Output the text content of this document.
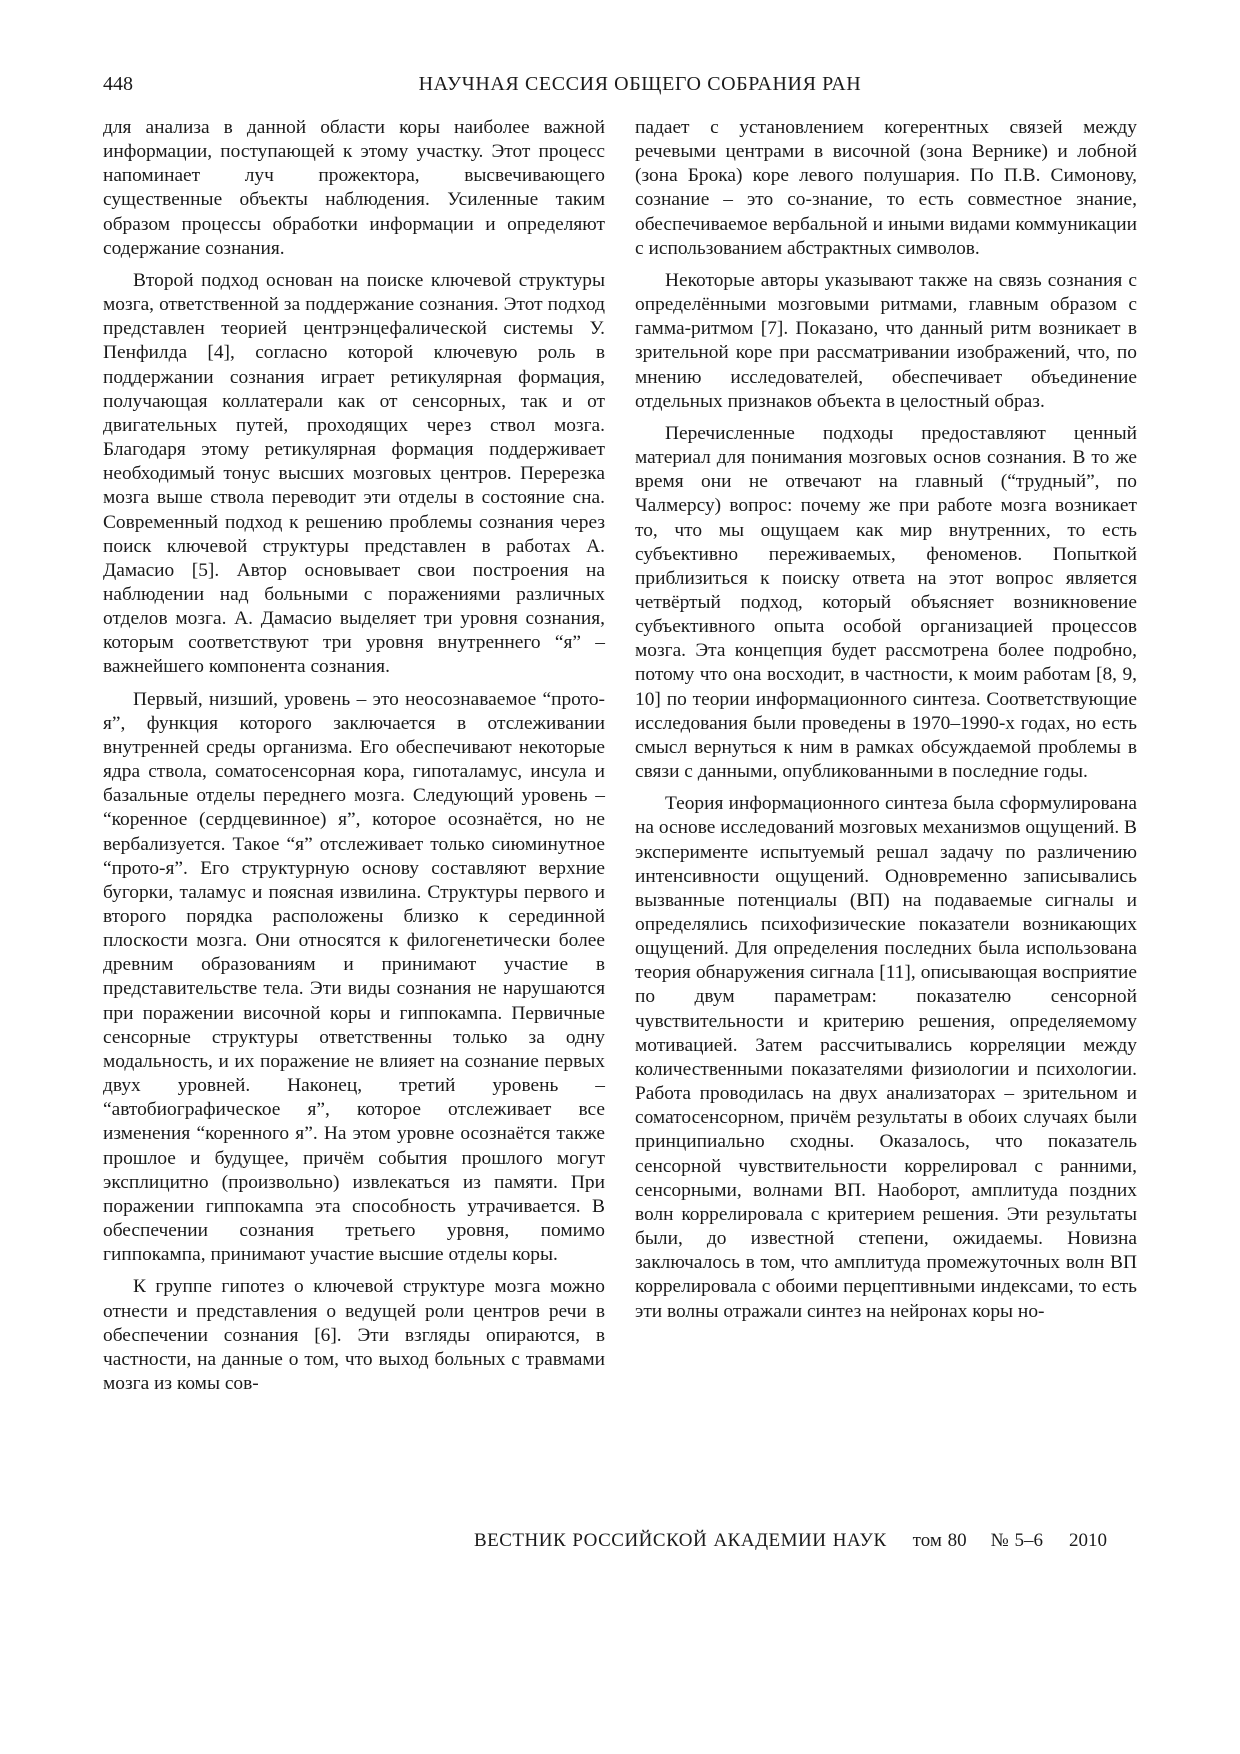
448	НАУЧНАЯ СЕССИЯ ОБЩЕГО СОБРАНИЯ РАН

для анализа в данной области коры наиболее важной информации, поступающей к этому участку. Этот процесс напоминает луч прожектора, высвечивающего существенные объекты наблюдения. Усиленные таким образом процессы обработки информации и определяют содержание сознания.

Второй подход основан на поиске ключевой структуры мозга, ответственной за поддержание сознания. Этот подход представлен теорией центрэнцефалической системы У. Пенфилда [4], согласно которой ключевую роль в поддержании сознания играет ретикулярная формация, получающая коллатерали как от сенсорных, так и от двигательных путей, проходящих через ствол мозга. Благодаря этому ретикулярная формация поддерживает необходимый тонус высших мозговых центров. Перерезка мозга выше ствола переводит эти отделы в состояние сна. Современный подход к решению проблемы сознания через поиск ключевой структуры представлен в работах А. Дамасио [5]. Автор основывает свои построения на наблюдении над больными с поражениями различных отделов мозга. А. Дамасио выделяет три уровня сознания, которым соответствуют три уровня внутреннего “я” – важнейшего компонента сознания.

Первый, низший, уровень – это неосознаваемое “прото-я”, функция которого заключается в отслеживании внутренней среды организма. Его обеспечивают некоторые ядра ствола, соматосенсорная кора, гипоталамус, инсула и базальные отделы переднего мозга. Следующий уровень – “коренное (сердцевинное) я”, которое осознаётся, но не вербализуется. Такое “я” отслеживает только сиюминутное “прото-я”. Его структурную основу составляют верхние бугорки, таламус и поясная извилина. Структуры первого и второго порядка расположены близко к серединной плоскости мозга. Они относятся к филогенетически более древним образованиям и принимают участие в представительстве тела. Эти виды сознания не нарушаются при поражении височной коры и гиппокампа. Первичные сенсорные структуры ответственны только за одну модальность, и их поражение не влияет на сознание первых двух уровней. Наконец, третий уровень – “автобиографическое я”, которое отслеживает все изменения “коренного я”. На этом уровне осознаётся также прошлое и будущее, причём события прошлого могут эксплицитно (произвольно) извлекаться из памяти. При поражении гиппокампа эта способность утрачивается. В обеспечении сознания третьего уровня, помимо гиппокампа, принимают участие высшие отделы коры.

К группе гипотез о ключевой структуре мозга можно отнести и представления о ведущей роли центров речи в обеспечении сознания [6]. Эти взгляды опираются, в частности, на данные о том, что выход больных с травмами мозга из комы сов-

падает с установлением когерентных связей между речевыми центрами в височной (зона Вернике) и лобной (зона Брока) коре левого полушария. По П.В. Симонову, сознание – это со-знание, то есть совместное знание, обеспечиваемое вербальной и иными видами коммуникации с использованием абстрактных символов.

Некоторые авторы указывают также на связь сознания с определёнными мозговыми ритмами, главным образом с гамма-ритмом [7]. Показано, что данный ритм возникает в зрительной коре при рассматривании изображений, что, по мнению исследователей, обеспечивает объединение отдельных признаков объекта в целостный образ.

Перечисленные подходы предоставляют ценный материал для понимания мозговых основ сознания. В то же время они не отвечают на главный (“трудный”, по Чалмерсу) вопрос: почему же при работе мозга возникает то, что мы ощущаем как мир внутренних, то есть субъективно переживаемых, феноменов. Попыткой приблизиться к поиску ответа на этот вопрос является четвёртый подход, который объясняет возникновение субъективного опыта особой организацией процессов мозга. Эта концепция будет рассмотрена более подробно, потому что она восходит, в частности, к моим работам [8, 9, 10] по теории информационного синтеза. Соответствующие исследования были проведены в 1970–1990-х годах, но есть смысл вернуться к ним в рамках обсуждаемой проблемы в связи с данными, опубликованными в последние годы.

Теория информационного синтеза была сформулирована на основе исследований мозговых механизмов ощущений. В эксперименте испытуемый решал задачу по различению интенсивности ощущений. Одновременно записывались вызванные потенциалы (ВП) на подаваемые сигналы и определялись психофизические показатели возникающих ощущений. Для определения последних была использована теория обнаружения сигнала [11], описывающая восприятие по двум параметрам: показателю сенсорной чувствительности и критерию решения, определяемому мотивацией. Затем рассчитывались корреляции между количественными показателями физиологии и психологии. Работа проводилась на двух анализаторах – зрительном и соматосенсорном, причём результаты в обоих случаях были принципиально сходны. Оказалось, что показатель сенсорной чувствительности коррелировал с ранними, сенсорными, волнами ВП. Наоборот, амплитуда поздних волн коррелировала с критерием решения. Эти результаты были, до известной степени, ожидаемы. Новизна заключалось в том, что амплитуда промежуточных волн ВП коррелировала с обоими перцептивными индексами, то есть эти волны отражали синтез на нейронах коры но-

ВЕСТНИК РОССИЙСКОЙ АКАДЕМИИ НАУК том 80 № 5–6 2010
